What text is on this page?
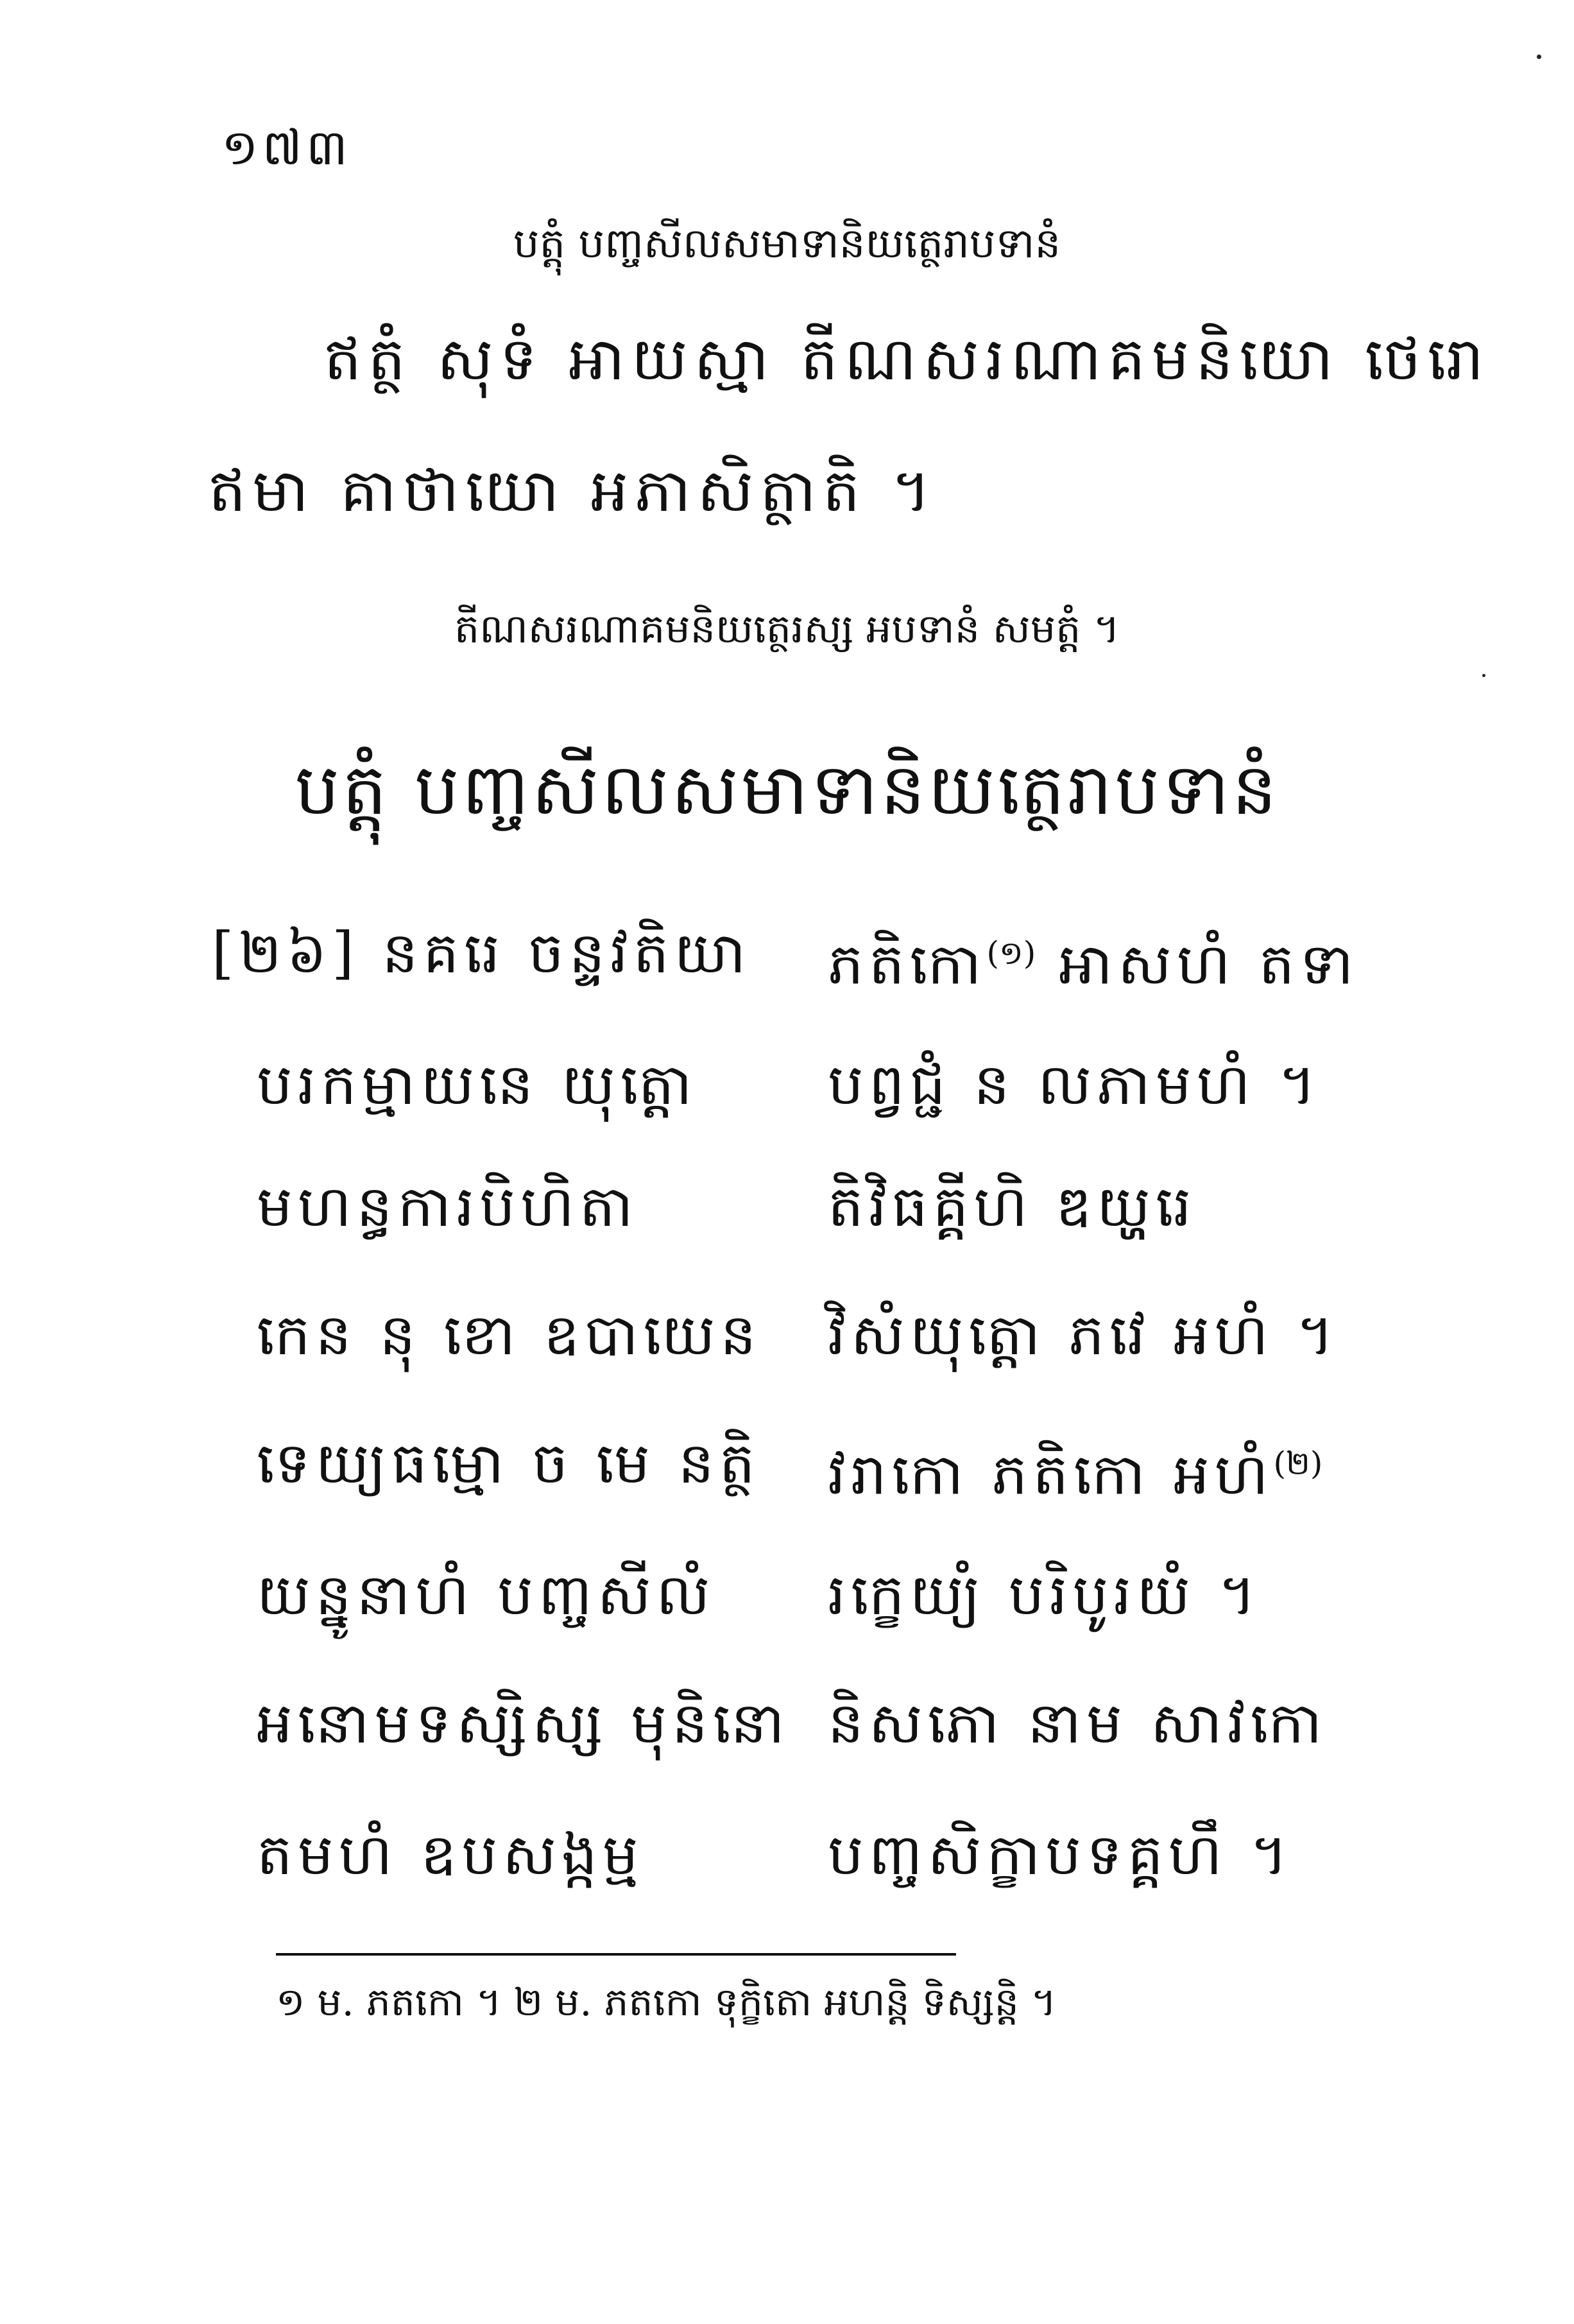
១៧៣
បត្តុំ បញ្ចសីលសមាទានិយត្ថេរាបទានំ
ឥត្ថំ សុទំ អាយស្មា តីណសរណាគមនិយោ ថេរោ
ឥមា គាថាយោ អភាសិត្ថាតិ ។
តីណសរណាគមនិយត្ថេរស្ស អបទានំ សមត្តំ ។
បត្តុំ បញ្ចសីលសមាទានិយត្ថេរាបទានំ
[២៦] នគរេ ចន្ទវតិយា ភតិកោ$^{(១)}$ អាសហំ តទា
បរកម្មាយនេ យុត្តោ បព្វជ្ជំ ន លភាមហំ ។
មហន្ធការបិហិតា	តិវិធគ្គីហិ ឌយ្ហរេ
កេន នុ ខោ ឧបាយេន វិសំយុត្តោ ភវេ អហំ ។
ទេយ្យធម្មោ ច មេ នត្ថិ វរាកោ ភតិកោ អហំ$^{(២)}$
យន្នូនាហំ បញ្ចសីលំ រក្ខេយ្យំ បរិបូរយំ ។
អនោមទស្សិស្ស មុនិនោ និសភោ នាម សាវកោ
តមហំ ឧបសង្កម្ម	បញ្ចសិក្ខាបទគ្គហឹ ។
១ ម. ភតកោ ។ ២ ម. ភតកោ ទុក្ខិតោ អហន្តិ ទិស្សន្តិ ។
